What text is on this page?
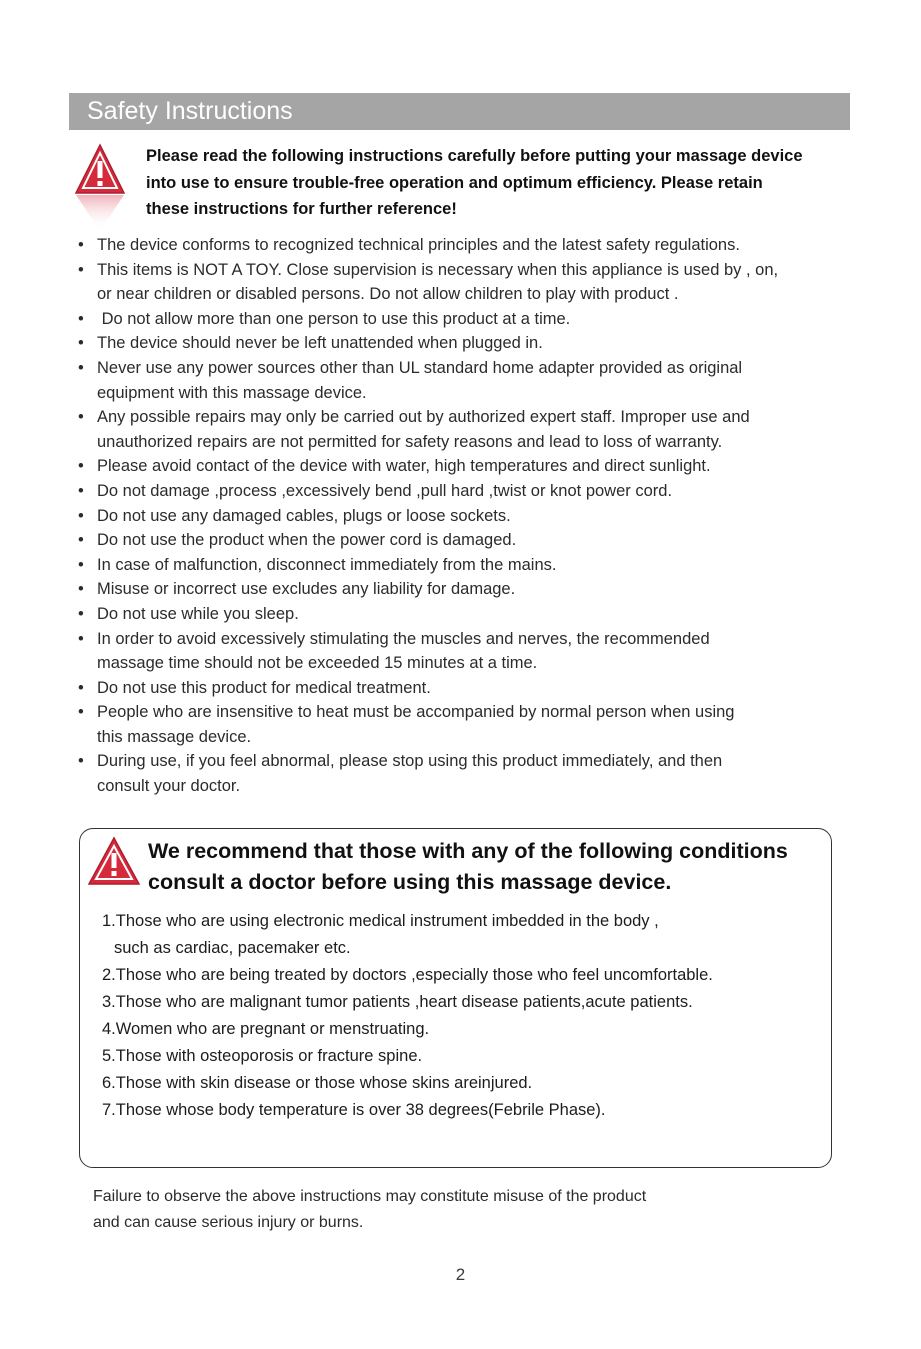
Safety Instructions

Please read the following instructions carefully before putting your massage device

into use to ensure trouble-free operation and optimum efficiency. Please retain

these instructions for further reference!

• The device conforms to recognized technical principles and the latest safety regulations.
• This items is NOT A TOY. Close supervision is necessary when this appliance is used by , on,
or near children or disabled persons. Do not allow children to play with product .
• Do not allow more than one person to use this product at a time.
• The device should never be left unattended when plugged in.
• Never use any power sources other than UL standard home adapter provided as original
equipment with this massage device.
• Any possible repairs may only be carried out by authorized expert staff. Improper use and
unauthorized repairs are not permitted for safety reasons and lead to loss of warranty.
• Please avoid contact of the device with water, high temperatures and direct sunlight.
• Do not damage ,process ,excessively bend ,pull hard ,twist or knot power cord.
• Do not use any damaged cables, plugs or loose sockets.
• Do not use the product when the power cord is damaged.
• In case of malfunction, disconnect immediately from the mains.
• Misuse or incorrect use excludes any liability for damage.
• Do not use while you sleep.
• In order to avoid excessively stimulating the muscles and nerves, the recommended
massage time should not be exceeded 15 minutes at a time.
• Do not use this product for medical treatment.
• People who are insensitive to heat must be accompanied by normal person when using
this massage device.
• During use, if you feel abnormal, please stop using this product immediately, and then
consult your doctor.

We recommend that those with any of the following conditions

consult a doctor before using this massage device.

1.Those who are using electronic medical instrument imbedded in the body ,
such as cardiac, pacemaker etc.
2.Those who are being treated by doctors ,especially those who feel uncomfortable.
3.Those who are malignant tumor patients ,heart disease patients,acute patients.
4.Women who are pregnant or menstruating.
5.Those with osteoporosis or fracture spine.
6.Those with skin disease or those whose skins areinjured.
7.Those whose body temperature is over 38 degrees(Febrile Phase).

Failure to observe the above instructions may constitute misuse of the product

and can cause serious injury or burns.

2
